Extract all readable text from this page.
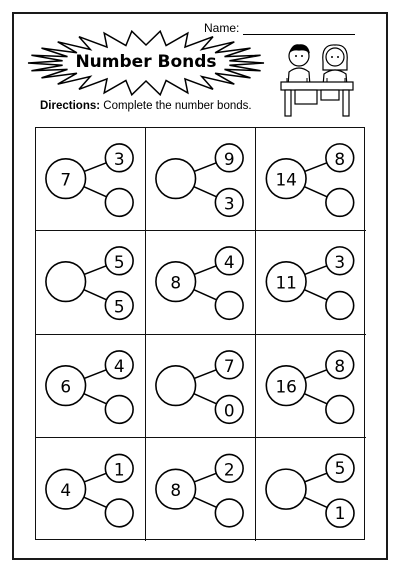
Name:
Number Bonds
Directions: Complete the number bonds.
7
3	9
3
14
8
5
5
8
4
11
3
6
4	7
0
16
8
4
1
8
2	5
1
